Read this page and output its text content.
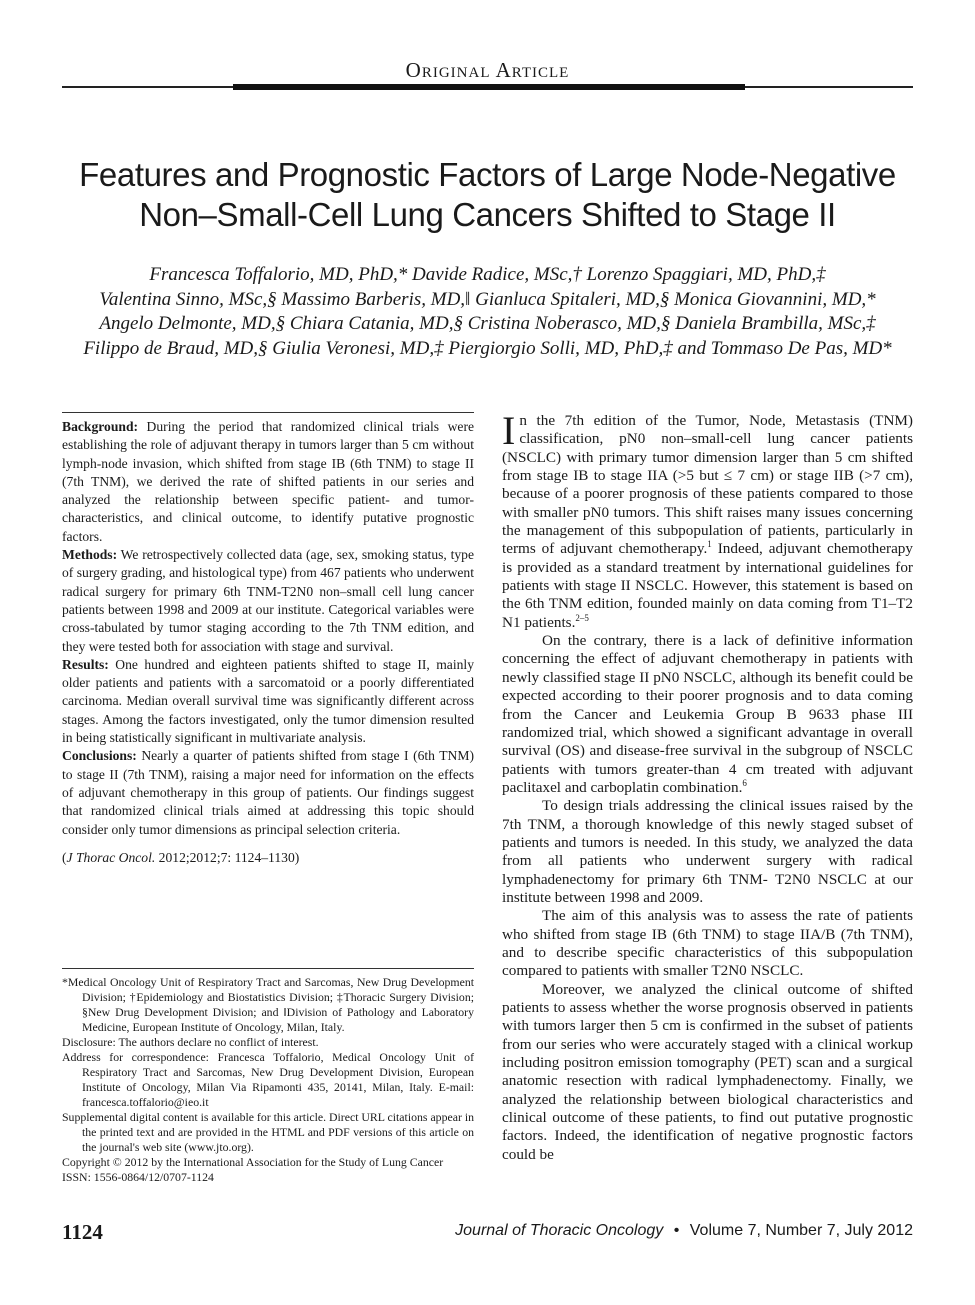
Original Article
Features and Prognostic Factors of Large Node-Negative
Non–Small-Cell Lung Cancers Shifted to Stage II
Francesca Toffalorio, MD, PhD,* Davide Radice, MSc,† Lorenzo Spaggiari, MD, PhD,‡
Valentina Sinno, MSc,§ Massimo Barberis, MD,‖ Gianluca Spitaleri, MD,§ Monica Giovannini, MD,*
Angelo Delmonte, MD,§ Chiara Catania, MD,§ Cristina Noberasco, MD,§ Daniela Brambilla, MSc,‡
Filippo de Braud, MD,§ Giulia Veronesi, MD,‡ Piergiorgio Solli, MD, PhD,‡ and Tommaso De Pas, MD*

Background: During the period that randomized clinical trials were establishing the role of adjuvant therapy in tumors larger than 5 cm without lymph-node invasion, which shifted from stage IB (6th TNM) to stage II (7th TNM), we derived the rate of shifted patients in our series and analyzed the relationship between specific patient- and tumor- characteristics, and clinical outcome, to identify putative prognostic factors.

Methods: We retrospectively collected data (age, sex, smoking status, type of surgery grading, and histological type) from 467 patients who underwent radical surgery for primary 6th TNM-T2N0 non–small cell lung cancer patients between 1998 and 2009 at our institute. Categorical variables were cross-tabulated by tumor staging according to the 7th TNM edition, and they were tested both for association with stage and survival.

Results: One hundred and eighteen patients shifted to stage II, mainly older patients and patients with a sarcomatoid or a poorly differentiated carcinoma. Median overall survival time was significantly different across stages. Among the factors investigated, only the tumor dimension resulted in being statistically significant in multivariate analysis.

Conclusions: Nearly a quarter of patients shifted from stage I (6th TNM) to stage II (7th TNM), raising a major need for information on the effects of adjuvant chemotherapy in this group of patients. Our findings suggest that randomized clinical trials aimed at addressing this topic should consider only tumor dimensions as principal selection criteria.

(J Thorac Oncol. 2012;2012;7: 1124–1130)

*Medical Oncology Unit of Respiratory Tract and Sarcomas, New Drug Development Division; †Epidemiology and Biostatistics Division; ‡Thoracic Surgery Division; §New Drug Development Division; and ‖Division of Pathology and Laboratory Medicine, European Institute of Oncology, Milan, Italy.

Disclosure: The authors declare no conflict of interest.

Address for correspondence: Francesca Toffalorio, Medical Oncology Unit of Respiratory Tract and Sarcomas, New Drug Development Division, European Institute of Oncology, Milan Via Ripamonti 435, 20141, Milan, Italy. E-mail: francesca.toffalorio@ieo.it

Supplemental digital content is available for this article. Direct URL citations appear in the printed text and are provided in the HTML and PDF versions of this article on the journal's web site (www.jto.org).

Copyright © 2012 by the International Association for the Study of Lung Cancer

ISSN: 1556-0864/12/0707-1124

In the 7th edition of the Tumor, Node, Metastasis (TNM) classification, pN0 non–small-cell lung cancer patients (NSCLC) with primary tumor dimension larger than 5 cm shifted from stage IB to stage IIA (>5 but ≤ 7 cm) or stage IIB (>7 cm), because of a poorer prognosis of these patients compared to those with smaller pN0 tumors. This shift raises many issues concerning the management of this subpopulation of patients, particularly in terms of adjuvant chemotherapy.$^1$ Indeed, adjuvant chemotherapy is provided as a standard treatment by international guidelines for patients with stage II NSCLC. However, this statement is based on the 6th TNM edition, founded mainly on data coming from T1–T2 N1 patients.$^{2-5}$

On the contrary, there is a lack of definitive information concerning the effect of adjuvant chemotherapy in patients with newly classified stage II pN0 NSCLC, although its benefit could be expected according to their poorer prognosis and to data coming from the Cancer and Leukemia Group B 9633 phase III randomized trial, which showed a significant advantage in overall survival (OS) and disease-free survival in the subgroup of NSCLC patients with tumors greater-than 4 cm treated with adjuvant paclitaxel and carboplatin combination.$^6$

To design trials addressing the clinical issues raised by the 7th TNM, a thorough knowledge of this newly staged subset of patients and tumors is needed. In this study, we analyzed the data from all patients who underwent surgery with radical lymphadenectomy for primary 6th TNM- T2N0 NSCLC at our institute between 1998 and 2009.

The aim of this analysis was to assess the rate of patients who shifted from stage IB (6th TNM) to stage IIA/B (7th TNM), and to describe specific characteristics of this subpopulation compared to patients with smaller T2N0 NSCLC.

Moreover, we analyzed the clinical outcome of shifted patients to assess whether the worse prognosis observed in patients with tumors larger then 5 cm is confirmed in the subset of patients from our series who were accurately staged with a clinical workup including positron emission tomography (PET) scan and a surgical anatomic resection with radical lymphadenectomy. Finally, we analyzed the relationship between biological characteristics and clinical outcome of these patients, to find out putative prognostic factors. Indeed, the identification of negative prognostic factors could be

1124	Journal of Thoracic Oncology • Volume 7, Number 7, July 2012
